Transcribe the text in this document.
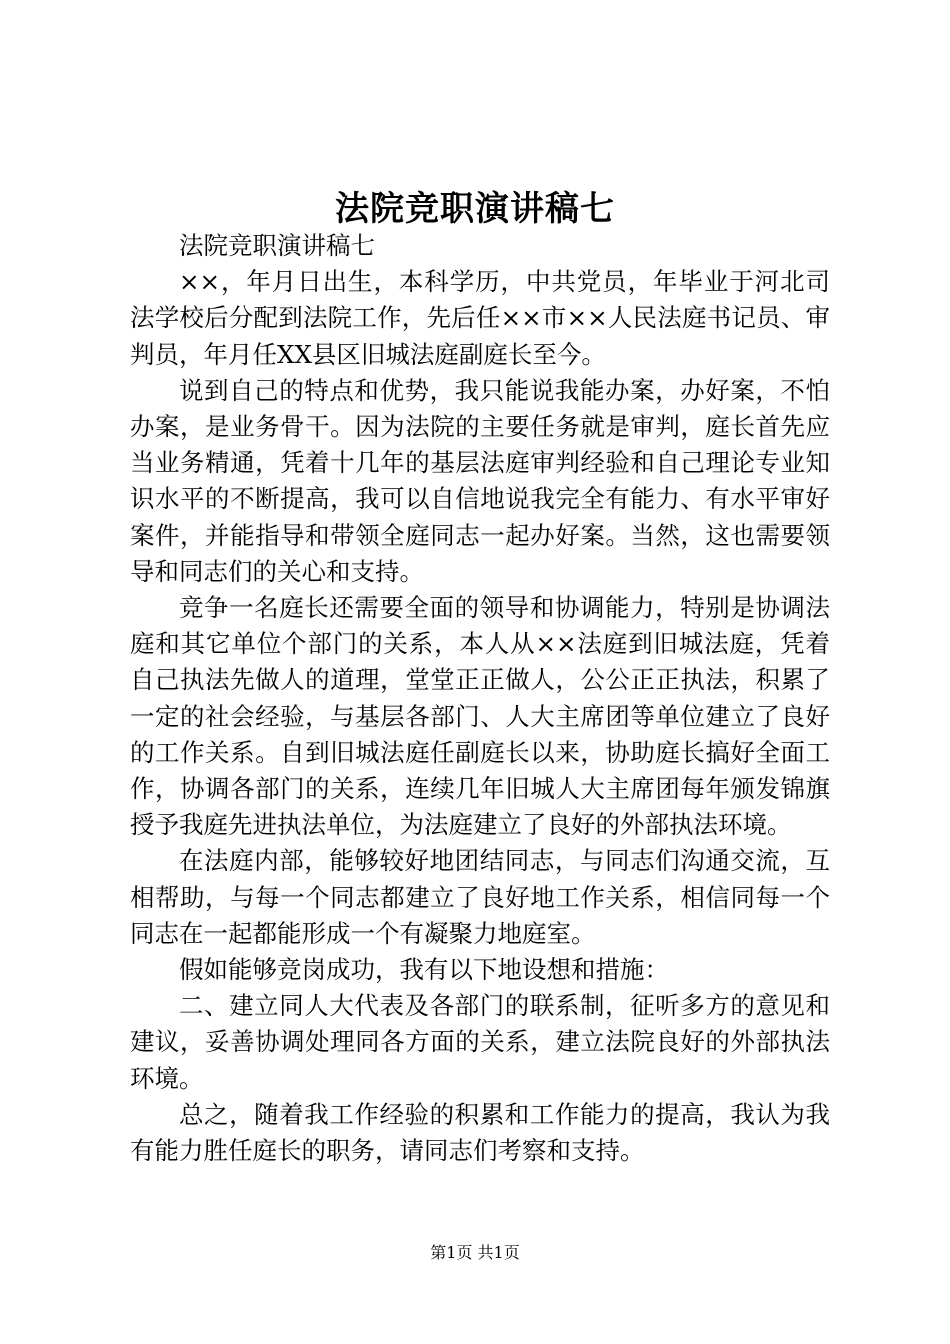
法院竞职演讲稿七

法院竞职演讲稿七

××，年月日出生，本科学历，中共党员，年毕业于河北司法学校后分配到法院工作，先后任××市××人民法庭书记员、审判员，年月任XX县区旧城法庭副庭长至今。

说到自己的特点和优势，我只能说我能办案，办好案，不怕办案，是业务骨干。因为法院的主要任务就是审判，庭长首先应当业务精通，凭着十几年的基层法庭审判经验和自己理论专业知识水平的不断提高，我可以自信地说我完全有能力、有水平审好案件，并能指导和带领全庭同志一起办好案。当然，这也需要领导和同志们的关心和支持。

竞争一名庭长还需要全面的领导和协调能力，特别是协调法庭和其它单位个部门的关系，本人从××法庭到旧城法庭，凭着自己执法先做人的道理，堂堂正正做人，公公正正执法，积累了一定的社会经验，与基层各部门、人大主席团等单位建立了良好的工作关系。自到旧城法庭任副庭长以来，协助庭长搞好全面工作，协调各部门的关系，连续几年旧城人大主席团每年颁发锦旗授予我庭先进执法单位，为法庭建立了良好的外部执法环境。

在法庭内部，能够较好地团结同志，与同志们沟通交流，互相帮助，与每一个同志都建立了良好地工作关系，相信同每一个同志在一起都能形成一个有凝聚力地庭室。

假如能够竞岗成功，我有以下地设想和措施：

二、建立同人大代表及各部门的联系制，征听多方的意见和建议，妥善协调处理同各方面的关系，建立法院良好的外部执法环境。

总之，随着我工作经验的积累和工作能力的提高，我认为我有能力胜任庭长的职务，请同志们考察和支持。

第1页 共1页
